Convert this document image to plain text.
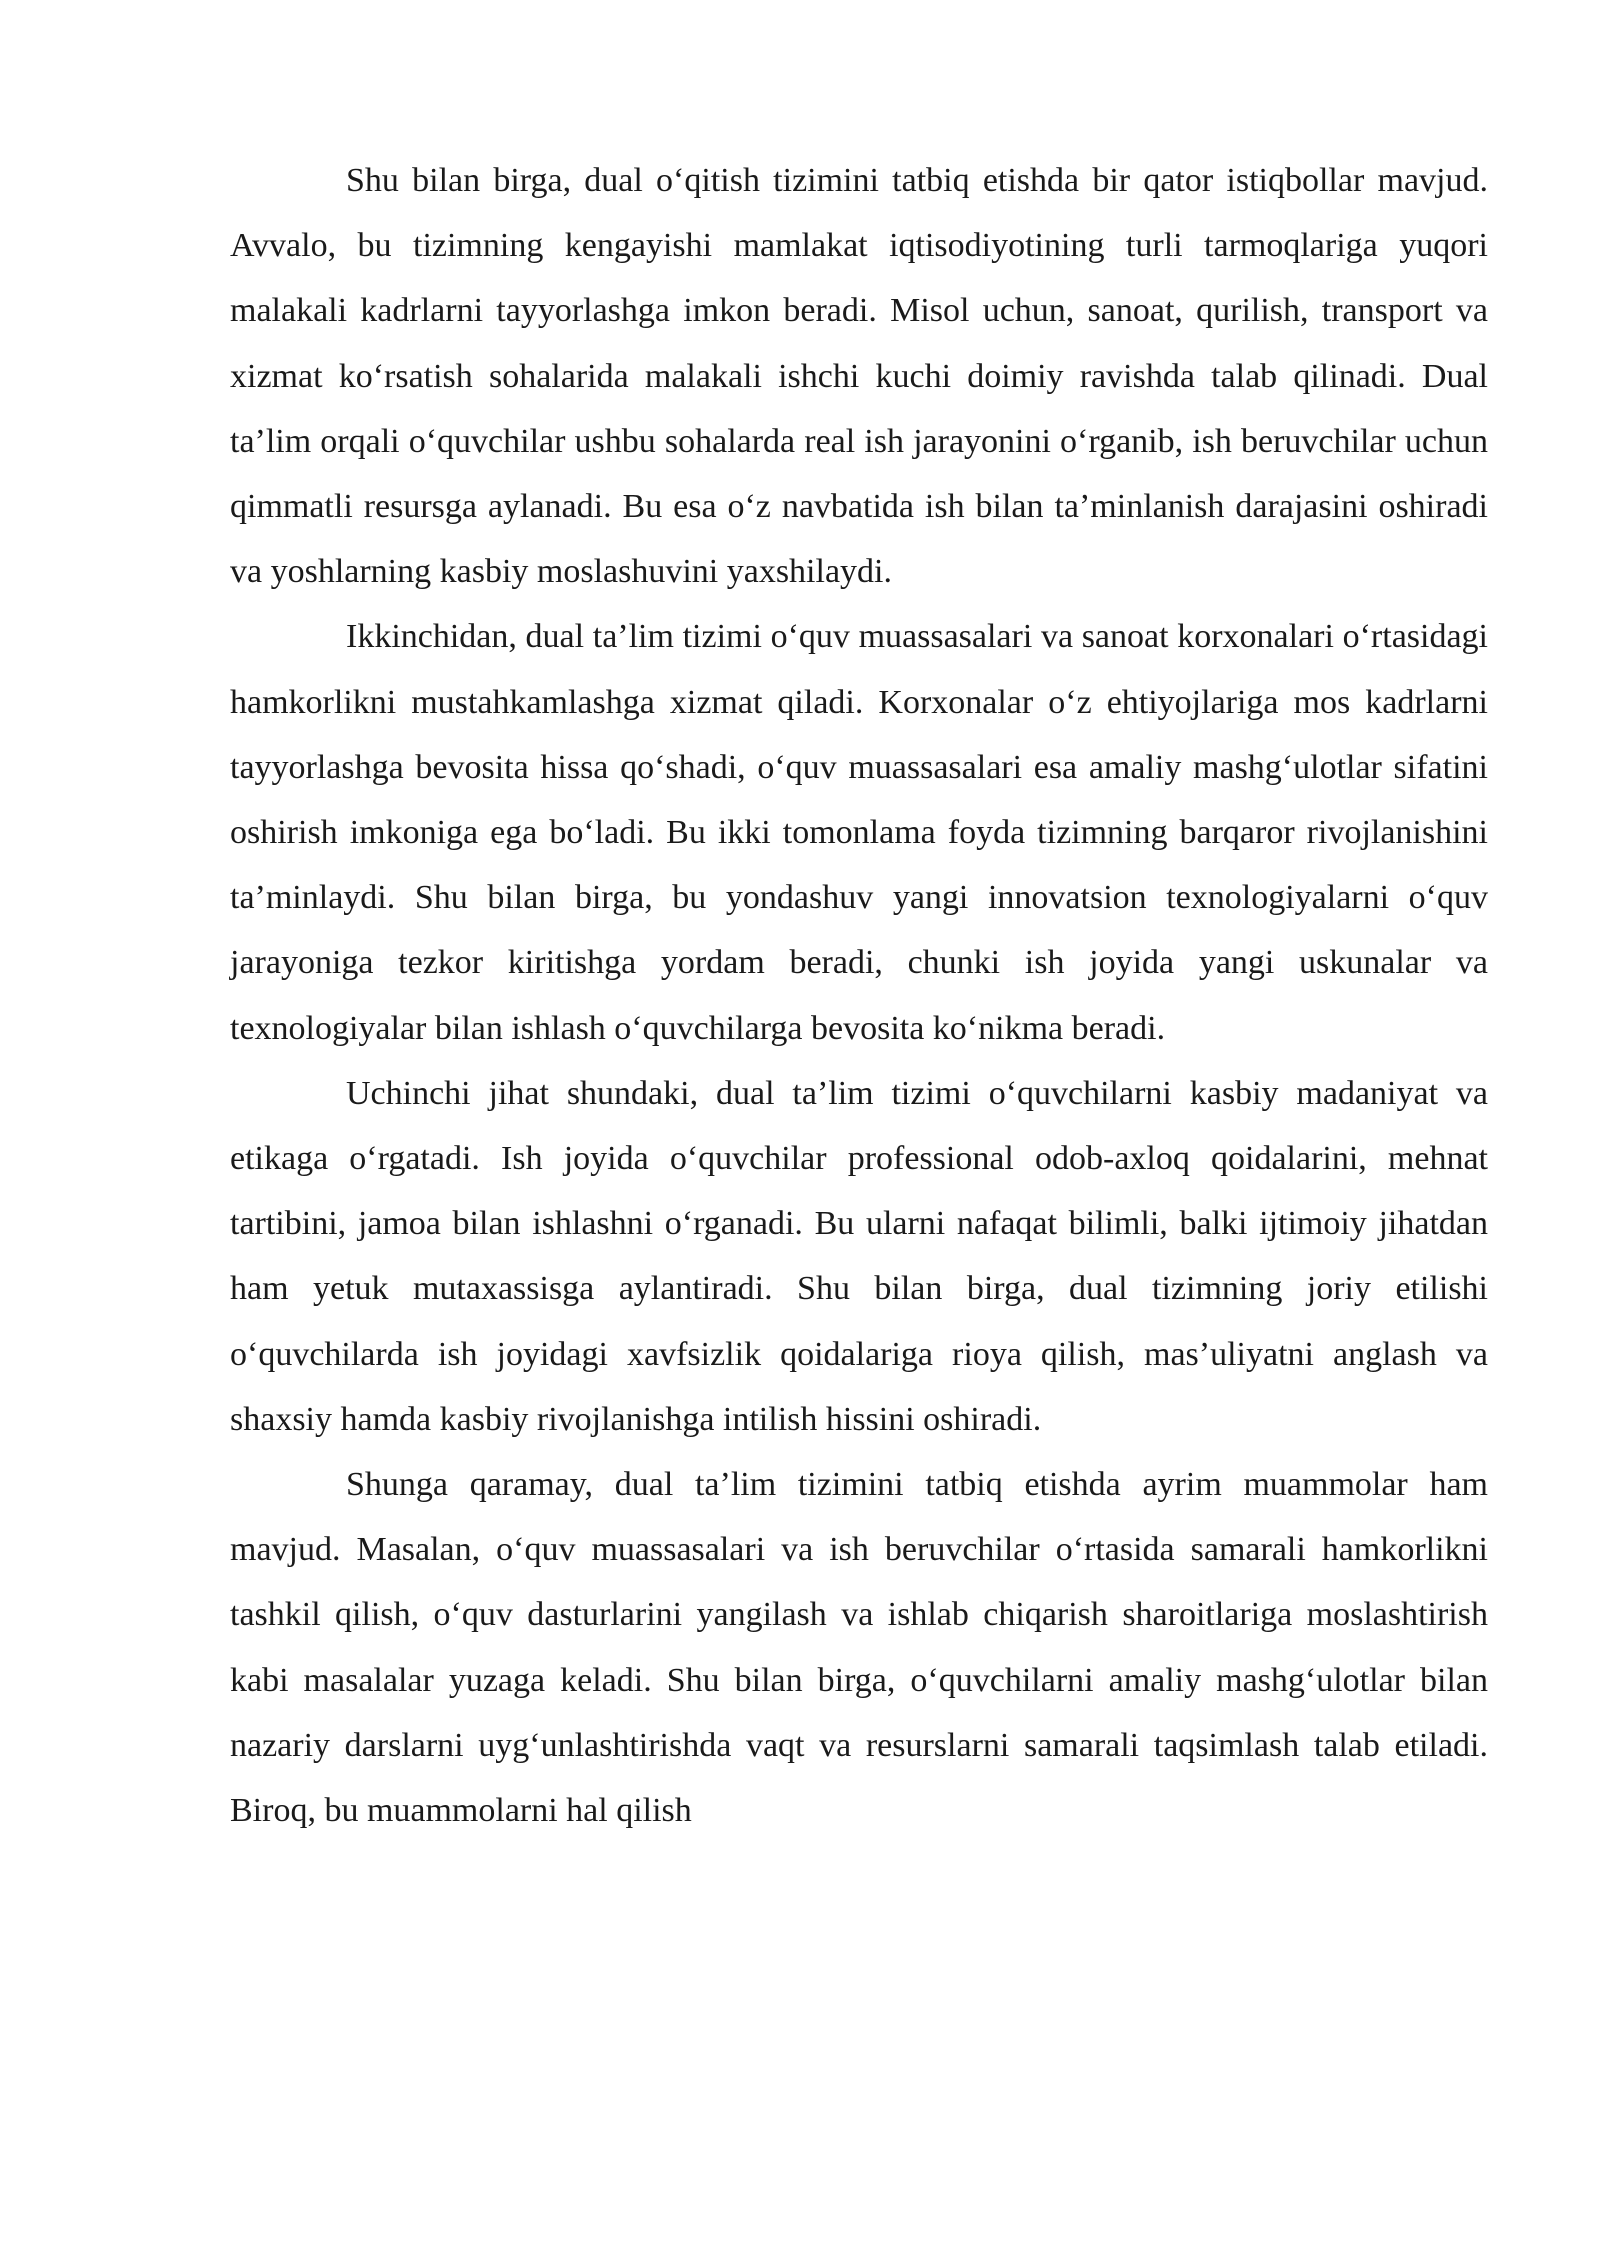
Shu bilan birga, dual o‘qitish tizimini tatbiq etishda bir qator istiqbollar mavjud. Avvalo, bu tizimning kengayishi mamlakat iqtisodiyotining turli tarmoqlariga yuqori malakali kadrlarni tayyorlashga imkon beradi. Misol uchun, sanoat, qurilish, transport va xizmat ko‘rsatish sohalarida malakali ishchi kuchi doimiy ravishda talab qilinadi. Dual ta’lim orqali o‘quvchilar ushbu sohalarda real ish jarayonini o‘rganib, ish beruvchilar uchun qimmatli resursga aylanadi. Bu esa o‘z navbatida ish bilan ta’minlanish darajasini oshiradi va yoshlarning kasbiy moslashuvini yaxshilaydi.

Ikkinchidan, dual ta’lim tizimi o‘quv muassasalari va sanoat korxonalari o‘rtasidagi hamkorlikni mustahkamlashga xizmat qiladi. Korxonalar o‘z ehtiyojlariga mos kadrlarni tayyorlashga bevosita hissa qo‘shadi, o‘quv muassasalari esa amaliy mashg‘ulotlar sifatini oshirish imkoniga ega bo‘ladi. Bu ikki tomonlama foyda tizimning barqaror rivojlanishini ta’minlaydi. Shu bilan birga, bu yondashuv yangi innovatsion texnologiyalarni o‘quv jarayoniga tezkor kiritishga yordam beradi, chunki ish joyida yangi uskunalar va texnologiyalar bilan ishlash o‘quvchilarga bevosita ko‘nikma beradi.

Uchinchi jihat shundaki, dual ta’lim tizimi o‘quvchilarni kasbiy madaniyat va etikaga o‘rgatadi. Ish joyida o‘quvchilar professional odob-axloq qoidalarini, mehnat tartibini, jamoa bilan ishlashni o‘rganadi. Bu ularni nafaqat bilimli, balki ijtimoiy jihatdan ham yetuk mutaxassisga aylantiradi. Shu bilan birga, dual tizimning joriy etilishi o‘quvchilarda ish joyidagi xavfsizlik qoidalariga rioya qilish, mas’uliyatni anglash va shaxsiy hamda kasbiy rivojlanishga intilish hissini oshiradi.

Shunga qaramay, dual ta’lim tizimini tatbiq etishda ayrim muammolar ham mavjud. Masalan, o‘quv muassasalari va ish beruvchilar o‘rtasida samarali hamkorlikni tashkil qilish, o‘quv dasturlarini yangilash va ishlab chiqarish sharoitlariga moslashtirish kabi masalalar yuzaga keladi. Shu bilan birga, o‘quvchilarni amaliy mashg‘ulotlar bilan nazariy darslarni uyg‘unlashtirishda vaqt va resurslarni samarali taqsimlash talab etiladi. Biroq, bu muammolarni hal qilish
